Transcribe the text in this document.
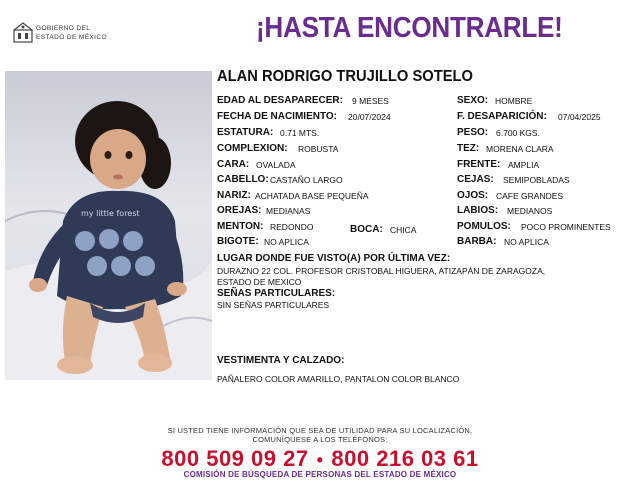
GOBIERNO DEL
ESTADO DE MÉXICO	¡HASTA ENCONTRARLE!
my little forest
ALAN RODRIGO TRUJILLO SOTELO
EDAD AL DESAPARECER: 9 MESES
FECHA DE NACIMIENTO: 20/07/2024
ESTATURA: 0.71 MTS.
COMPLEXION: ROBUSTA
CARA: OVALADA
CABELLO: CASTAÑO LARGO
NARIZ: ACHATADA BASE PEQUEÑA
OREJAS: MEDIANAS
MENTON: REDONDO	BOCA: CHICA
BIGOTE: NO APLICA
SEXO: HOMBRE
F. DESAPARICIÓN: 07/04/2025
PESO: 6.700 KGS.
TEZ: MORENA CLARA
FRENTE: AMPLIA
CEJAS: SEMIPOBLADAS
OJOS: CAFE GRANDES
LABIOS: MEDIANOS
POMULOS: POCO PROMINENTES
BARBA: NO APLICA
LUGAR DONDE FUE VISTO(A) POR ÚLTIMA VEZ:
DURAZNO 22 COL. PROFESOR CRISTOBAL HIGUERA, ATIZAPÁN DE ZARAGOZA,
ESTADO DE MEXICO
SEÑAS PARTICULARES:
SIN SEÑAS PARTICULARES
VESTIMENTA Y CALZADO:
PAÑALERO COLOR AMARILLO, PANTALON COLOR BLANCO
SI USTED TIENE INFORMACIÓN QUE SEA DE UTILIDAD PARA SU LOCALIZACIÓN,
COMUNÍQUESE A LOS TELÉFONOS:
800 509 09 27 • 800 216 03 61
COMISIÓN DE BÚSQUEDA DE PERSONAS DEL ESTADO DE MÉXICO
